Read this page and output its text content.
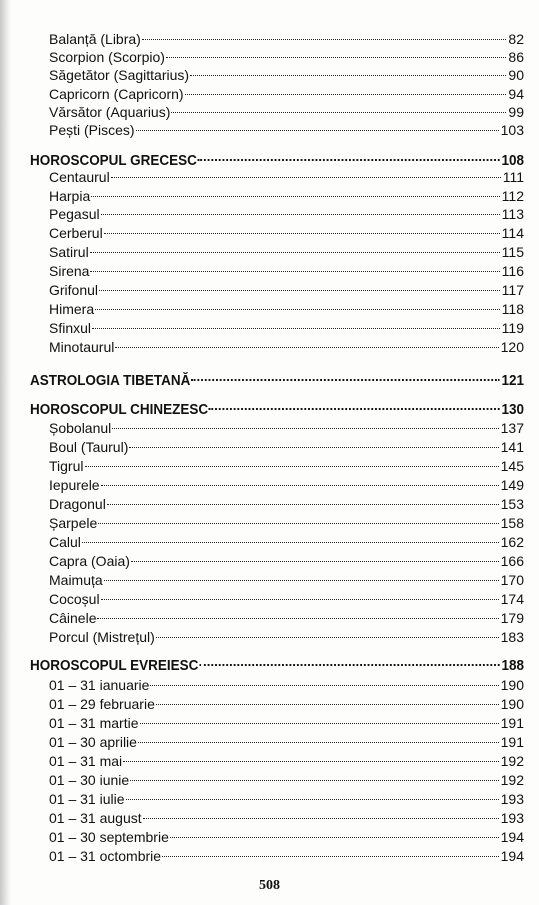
Balanță (Libra)	82
Scorpion (Scorpio)	86
Săgetător (Sagittarius)	90
Capricorn (Capricorn)	94
Vărsător (Aquarius)	99
Pești (Pisces)	103
HOROSCOPUL GRECESC	108
Centaurul	111
Harpia	112
Pegasul	113
Cerberul	114
Satirul	115
Sirena	116
Grifonul	117
Himera	118
Sfinxul	119
Minotaurul	120
ASTROLOGIA TIBETANĂ	121
HOROSCOPUL CHINEZESC	130
Șobolanul	137
Boul (Taurul)	141
Tigrul	145
Iepurele	149
Dragonul	153
Șarpele	158
Calul	162
Capra (Oaia)	166
Maimuța	170
Cocoșul	174
Câinele	179
Porcul (Mistrețul)	183
HOROSCOPUL EVREIESC	188
01 – 31 ianuarie	190
01 – 29 februarie	190
01 – 31 martie	191
01 – 30 aprilie	191
01 – 31 mai	192
01 – 30 iunie	192
01 – 31 iulie	193
01 – 31 august	193
01 – 30 septembrie	194
01 – 31 octombrie	194
508
